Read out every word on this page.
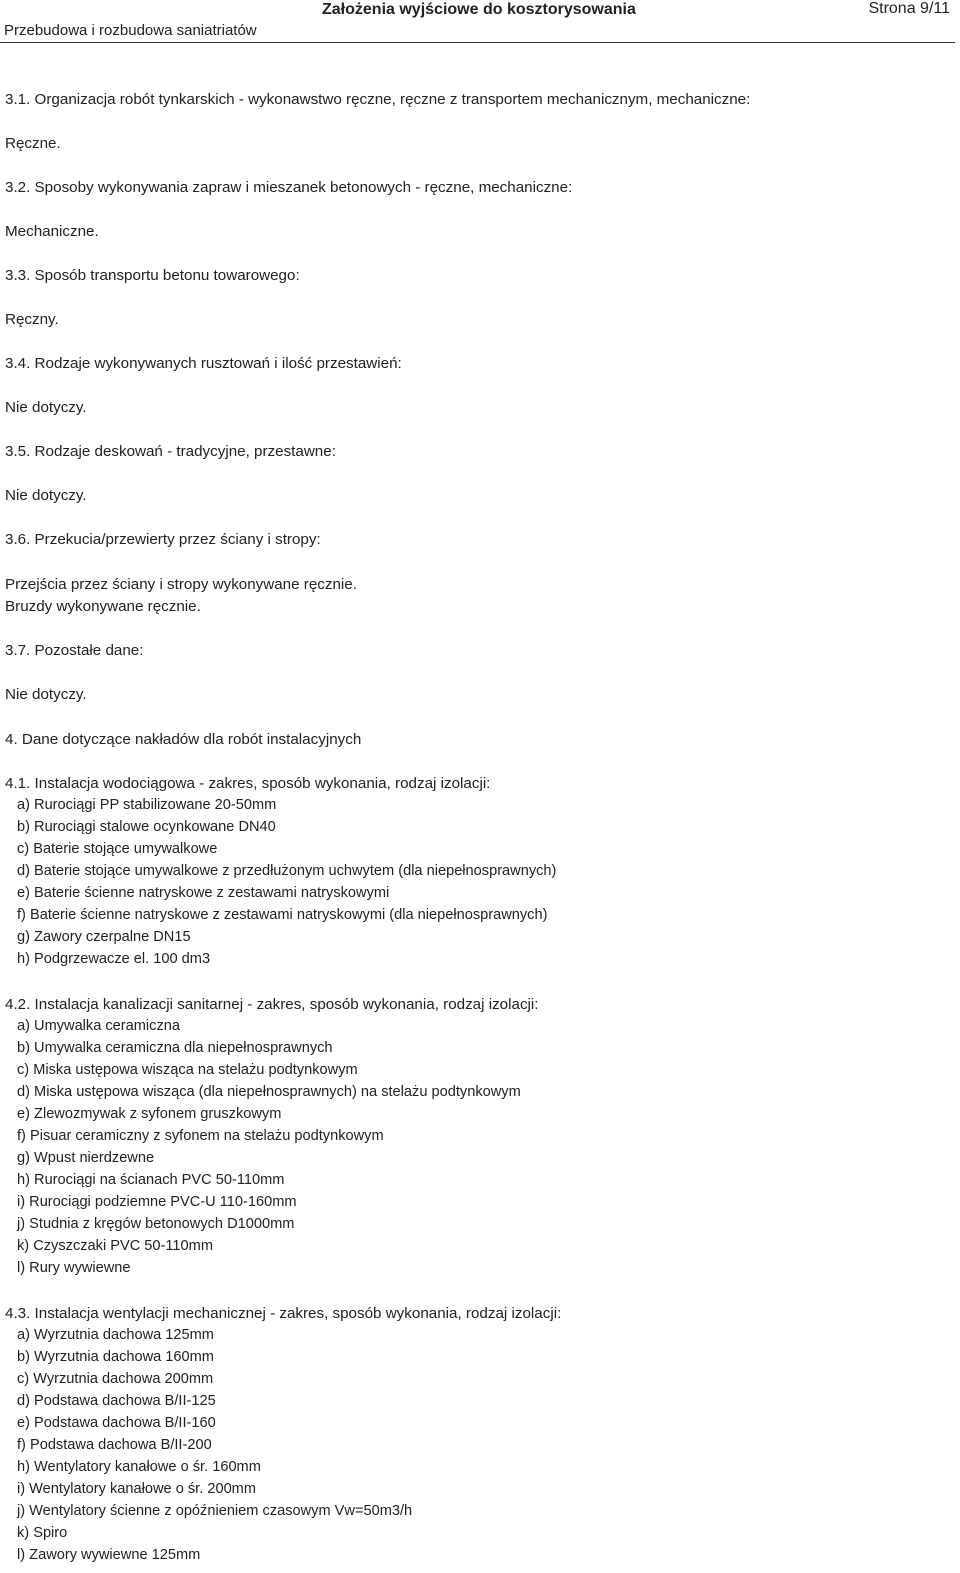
Przebudowa i rozbudowa saniatriatów
Założenia wyjściowe do kosztorysowania	Strona 9/11
3.1. Organizacja robót tynkarskich - wykonawstwo ręczne, ręczne z transportem mechanicznym, mechaniczne:
Ręczne.
3.2. Sposoby wykonywania zapraw i mieszanek betonowych - ręczne, mechaniczne:
Mechaniczne.
3.3. Sposób transportu betonu towarowego:
Ręczny.
3.4. Rodzaje wykonywanych rusztowań i ilość przestawień:
Nie dotyczy.
3.5. Rodzaje deskowań - tradycyjne, przestawne:
Nie dotyczy.
3.6. Przekucia/przewierty przez ściany i stropy:
Przejścia przez ściany i stropy wykonywane ręcznie.
Bruzdy wykonywane ręcznie.
3.7. Pozostałe dane:
Nie dotyczy.
4. Dane dotyczące nakładów dla robót instalacyjnych
4.1. Instalacja wodociągowa - zakres, sposób wykonania, rodzaj izolacji:
a) Rurociągi PP stabilizowane 20-50mm
b) Rurociągi stalowe ocynkowane DN40
c) Baterie stojące umywalkowe
d) Baterie stojące umywalkowe z przedłużonym uchwytem (dla niepełnosprawnych)
e) Baterie ścienne natryskowe z zestawami natryskowymi
f) Baterie ścienne natryskowe z zestawami natryskowymi (dla niepełnosprawnych)
g) Zawory czerpalne DN15
h) Podgrzewacze el. 100 dm3
4.2. Instalacja kanalizacji sanitarnej - zakres, sposób wykonania, rodzaj izolacji:
a) Umywalka ceramiczna
b) Umywalka ceramiczna dla niepełnosprawnych
c) Miska ustępowa wisząca na stelażu podtynkowym
d) Miska ustępowa wisząca (dla niepełnosprawnych) na stelażu podtynkowym
e) Zlewozmywak z syfonem gruszkowym
f) Pisuar ceramiczny z syfonem na stelażu podtynkowym
g) Wpust nierdzewne
h) Rurociągi na ścianach PVC 50-110mm
i) Rurociągi podziemne PVC-U 110-160mm
j) Studnia z kręgów betonowych D1000mm
k) Czyszczaki PVC 50-110mm
l) Rury wywiewne
4.3. Instalacja wentylacji mechanicznej - zakres, sposób wykonania, rodzaj izolacji:
a) Wyrzutnia dachowa 125mm
b) Wyrzutnia dachowa 160mm
c) Wyrzutnia dachowa 200mm
d) Podstawa dachowa B/II-125
e) Podstawa dachowa B/II-160
f) Podstawa dachowa B/II-200
h) Wentylatory kanałowe o śr. 160mm
i) Wentylatory kanałowe o śr. 200mm
j) Wentylatory ścienne z opóźnieniem czasowym Vw=50m3/h
k) Spiro
l) Zawory wywiewne 125mm
